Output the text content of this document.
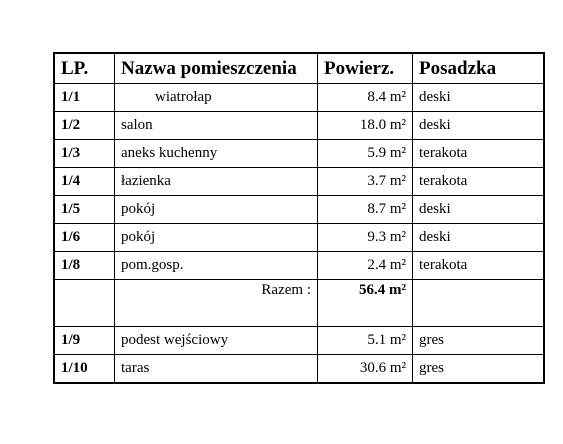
LP.	Nazwa pomieszczenia	Powierz.	Posadzka
1/1	wiatrołap	8.4 m²	deski
1/2	salon	18.0 m²	deski
1/3	aneks kuchenny	5.9 m²	terakota
1/4	łazienka	3.7 m²	terakota
1/5	pokój	8.7 m²	deski
1/6	pokój	9.3 m²	deski
1/8	pom.gosp.	2.4 m²	terakota
	Razem :	56.4 m²	
1/9	podest wejściowy	5.1 m²	gres
1/10	taras	30.6 m²	gres
